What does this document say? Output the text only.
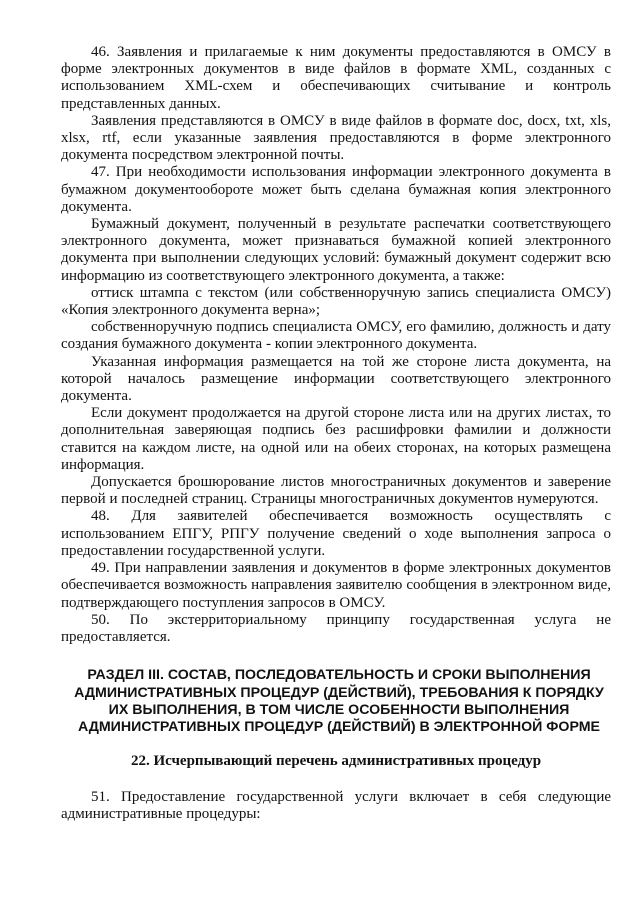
46. Заявления и прилагаемые к ним документы предоставляются в ОМСУ в форме электронных документов в виде файлов в формате XML, созданных с использованием XML-схем и обеспечивающих считывание и контроль представленных данных.

Заявления представляются в ОМСУ в виде файлов в формате doc, docx, txt, xls, xlsx, rtf, если указанные заявления предоставляются в форме электронного документа посредством электронной почты.

47. При необходимости использования информации электронного документа в бумажном документообороте может быть сделана бумажная копия электронного документа.

Бумажный документ, полученный в результате распечатки соответствующего электронного документа, может признаваться бумажной копией электронного документа при выполнении следующих условий: бумажный документ содержит всю информацию из соответствующего электронного документа, а также:

оттиск штампа с текстом (или собственноручную запись специалиста ОМСУ) «Копия электронного документа верна»;

собственноручную подпись специалиста ОМСУ, его фамилию, должность и дату создания бумажного документа - копии электронного документа.

Указанная информация размещается на той же стороне листа документа, на которой началось размещение информации соответствующего электронного документа.

Если документ продолжается на другой стороне листа или на других листах, то дополнительная заверяющая подпись без расшифровки фамилии и должности ставится на каждом листе, на одной или на обеих сторонах, на которых размещена информация.

Допускается брошюрование листов многостраничных документов и заверение первой и последней страниц. Страницы многостраничных документов нумеруются.

48. Для заявителей обеспечивается возможность осуществлять с использованием ЕПГУ, РПГУ получение сведений о ходе выполнения запроса о предоставлении государственной услуги.

49. При направлении заявления и документов в форме электронных документов обеспечивается возможность направления заявителю сообщения в электронном виде, подтверждающего поступления запросов в ОМСУ.

50. По экстерриториальному принципу государственная услуга не предоставляется.

РАЗДЕЛ III. СОСТАВ, ПОСЛЕДОВАТЕЛЬНОСТЬ И СРОКИ ВЫПОЛНЕНИЯ АДМИНИСТРАТИВНЫХ ПРОЦЕДУР (ДЕЙСТВИЙ), ТРЕБОВАНИЯ К ПОРЯДКУ ИХ ВЫПОЛНЕНИЯ, В ТОМ ЧИСЛЕ ОСОБЕННОСТИ ВЫПОЛНЕНИЯ АДМИНИСТРАТИВНЫХ ПРОЦЕДУР (ДЕЙСТВИЙ) В ЭЛЕКТРОННОЙ ФОРМЕ
22. Исчерпывающий перечень административных процедур

51. Предоставление государственной услуги включает в себя следующие административные процедуры:
